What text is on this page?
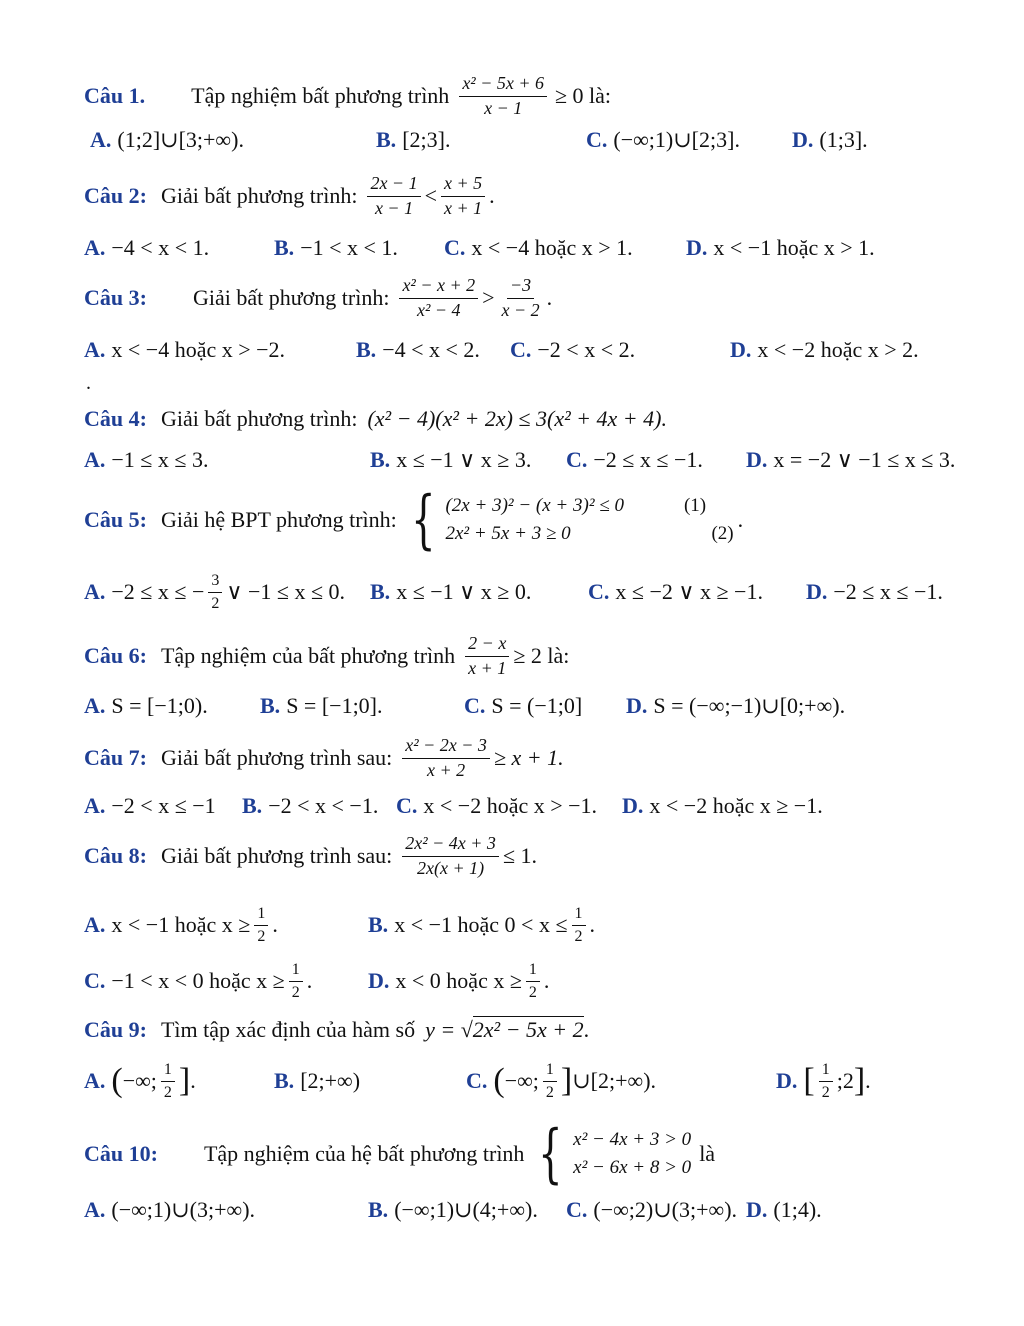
Câu 1. Tập nghiệm bất phương trình $\frac{\text{x² − 5x + 6}}{x - 1} \ge 0$ là:
A. (1;2]∪[3;+∞).	B. [2;3].	C. (−∞;1)∪[2;3]. D. (1;3].
Câu 2: Giải bất phương trình: $\frac{2x - 1}{x - 1} < \frac{x + 5}{x + 1}$ .
A. −4 < x < 1.	B. −1 < x < 1. C. x < −4 hoặc x > 1. D. x < −1 hoặc x > 1.
Câu 3: Giải bất phương trình: $\frac{\text{x² − x + 2}}{\text{x² − 4}} > \frac{-3}{x - 2}$ .
A. x < −4 hoặc x > −2.	B. −4 < x < 2. C. −2 < x < 2.	D. x < −2 hoặc x > 2.
.
Câu 4: Giải bất phương trình: (x² − 4)(x² + 2x) ≤ 3(x² + 4x + 4).
A. −1 ≤ x ≤ 3.	B. x ≤ −1 ∨ x ≥ 3. C. −2 ≤ x ≤ −1. D. x = −2 ∨ −1 ≤ x ≤ 3.
Câu 5: Giải hệ BPT phương trình: { (2x + 3)² − (x + 3)² ≤ 0	(1)
2x² + 5x + 3 ≥ 0	(2)
.
A. −2 ≤ x ≤ − $\frac{3}{2}$ ∨ −1 ≤ x ≤ 0. B. x ≤ −1 ∨ x ≥ 0.	C. x ≤ −2 ∨ x ≥ −1. D. −2 ≤ x ≤ −1.
Câu 6: Tập nghiệm của bất phương trình $\frac{2 - x}{x + 1} \ge 2$ là:
A. S = [−1;0). B. S = [−1;0].	C. S = (−1;0] D. S = (−∞;−1)∪[0;+∞).
Câu 7: Giải bất phương trình sau: $\frac{\text{x² − 2x − 3}}{x + 2} \ge x + 1$.
A. −2 < x ≤ −1 B. −2 < x < −1. C. x < −2 hoặc x > −1. D. x < −2 hoặc x ≥ −1.
Câu 8: Giải bất phương trình sau: $\frac{\text{2x² − 4x + 3}}{2x(x + 1)} \le 1$.
A. x < −1 hoặc $x \ge \frac{1}{2}$ .	B. x < −1 hoặc $0 < x \le \frac{1}{2}$ .
C. −1 < x < 0 hoặc $x \ge \frac{1}{2}$ .	D. x < 0 hoặc $x \ge \frac{1}{2}$ .
Câu 9: Tìm tập xác định của hàm số y = √ 2x² − 5x + 2 .
A. ( −∞; $\frac{1}{2}$ ] .	B. [2;+∞)	C. ( −∞; $\frac{1}{2}$ ] ∪[2;+∞).	D. [ $\frac{1}{2}$ ;2 ] .
Câu 10: Tập nghiệm của hệ bất phương trình { x² − 4x + 3 > 0
x² − 6x + 8 > 0
là
A. (−∞;1)∪(3;+∞).	B. (−∞;1)∪(4;+∞). C. (−∞;2)∪(3;+∞). D. (1;4).
